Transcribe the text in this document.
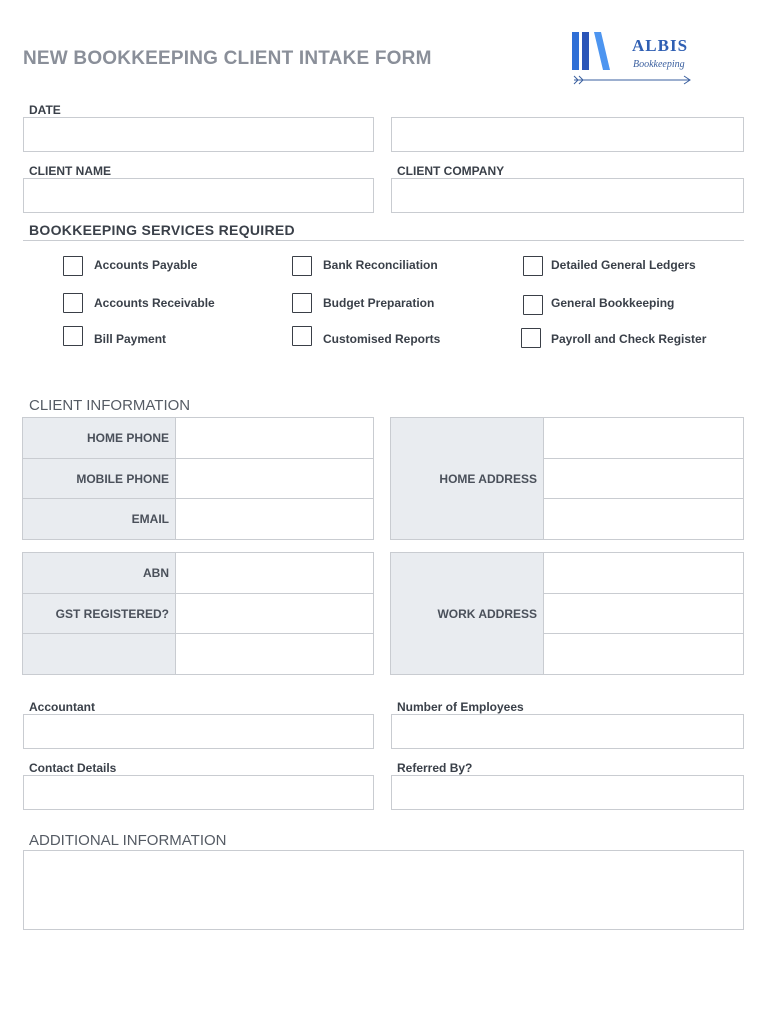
NEW BOOKKEEPING CLIENT INTAKE FORM
ALBIS
Bookkeeping
DATE
CLIENT NAME	CLIENT COMPANY
BOOKKEEPING SERVICES REQUIRED
Accounts Payable	Bank Reconciliation	Detailed General Ledgers
Accounts Receivable	Budget Preparation	General Bookkeeping
Bill Payment	Customised Reports	Payroll and Check Register
CLIENT INFORMATION
HOME PHONE	
MOBILE PHONE	
EMAIL	
HOME ADDRESS	

ABN	
GST REGISTERED?	
		WORK ADDRESS	

Accountant	Number of Employees
Contact Details	Referred By?
ADDITIONAL INFORMATION
